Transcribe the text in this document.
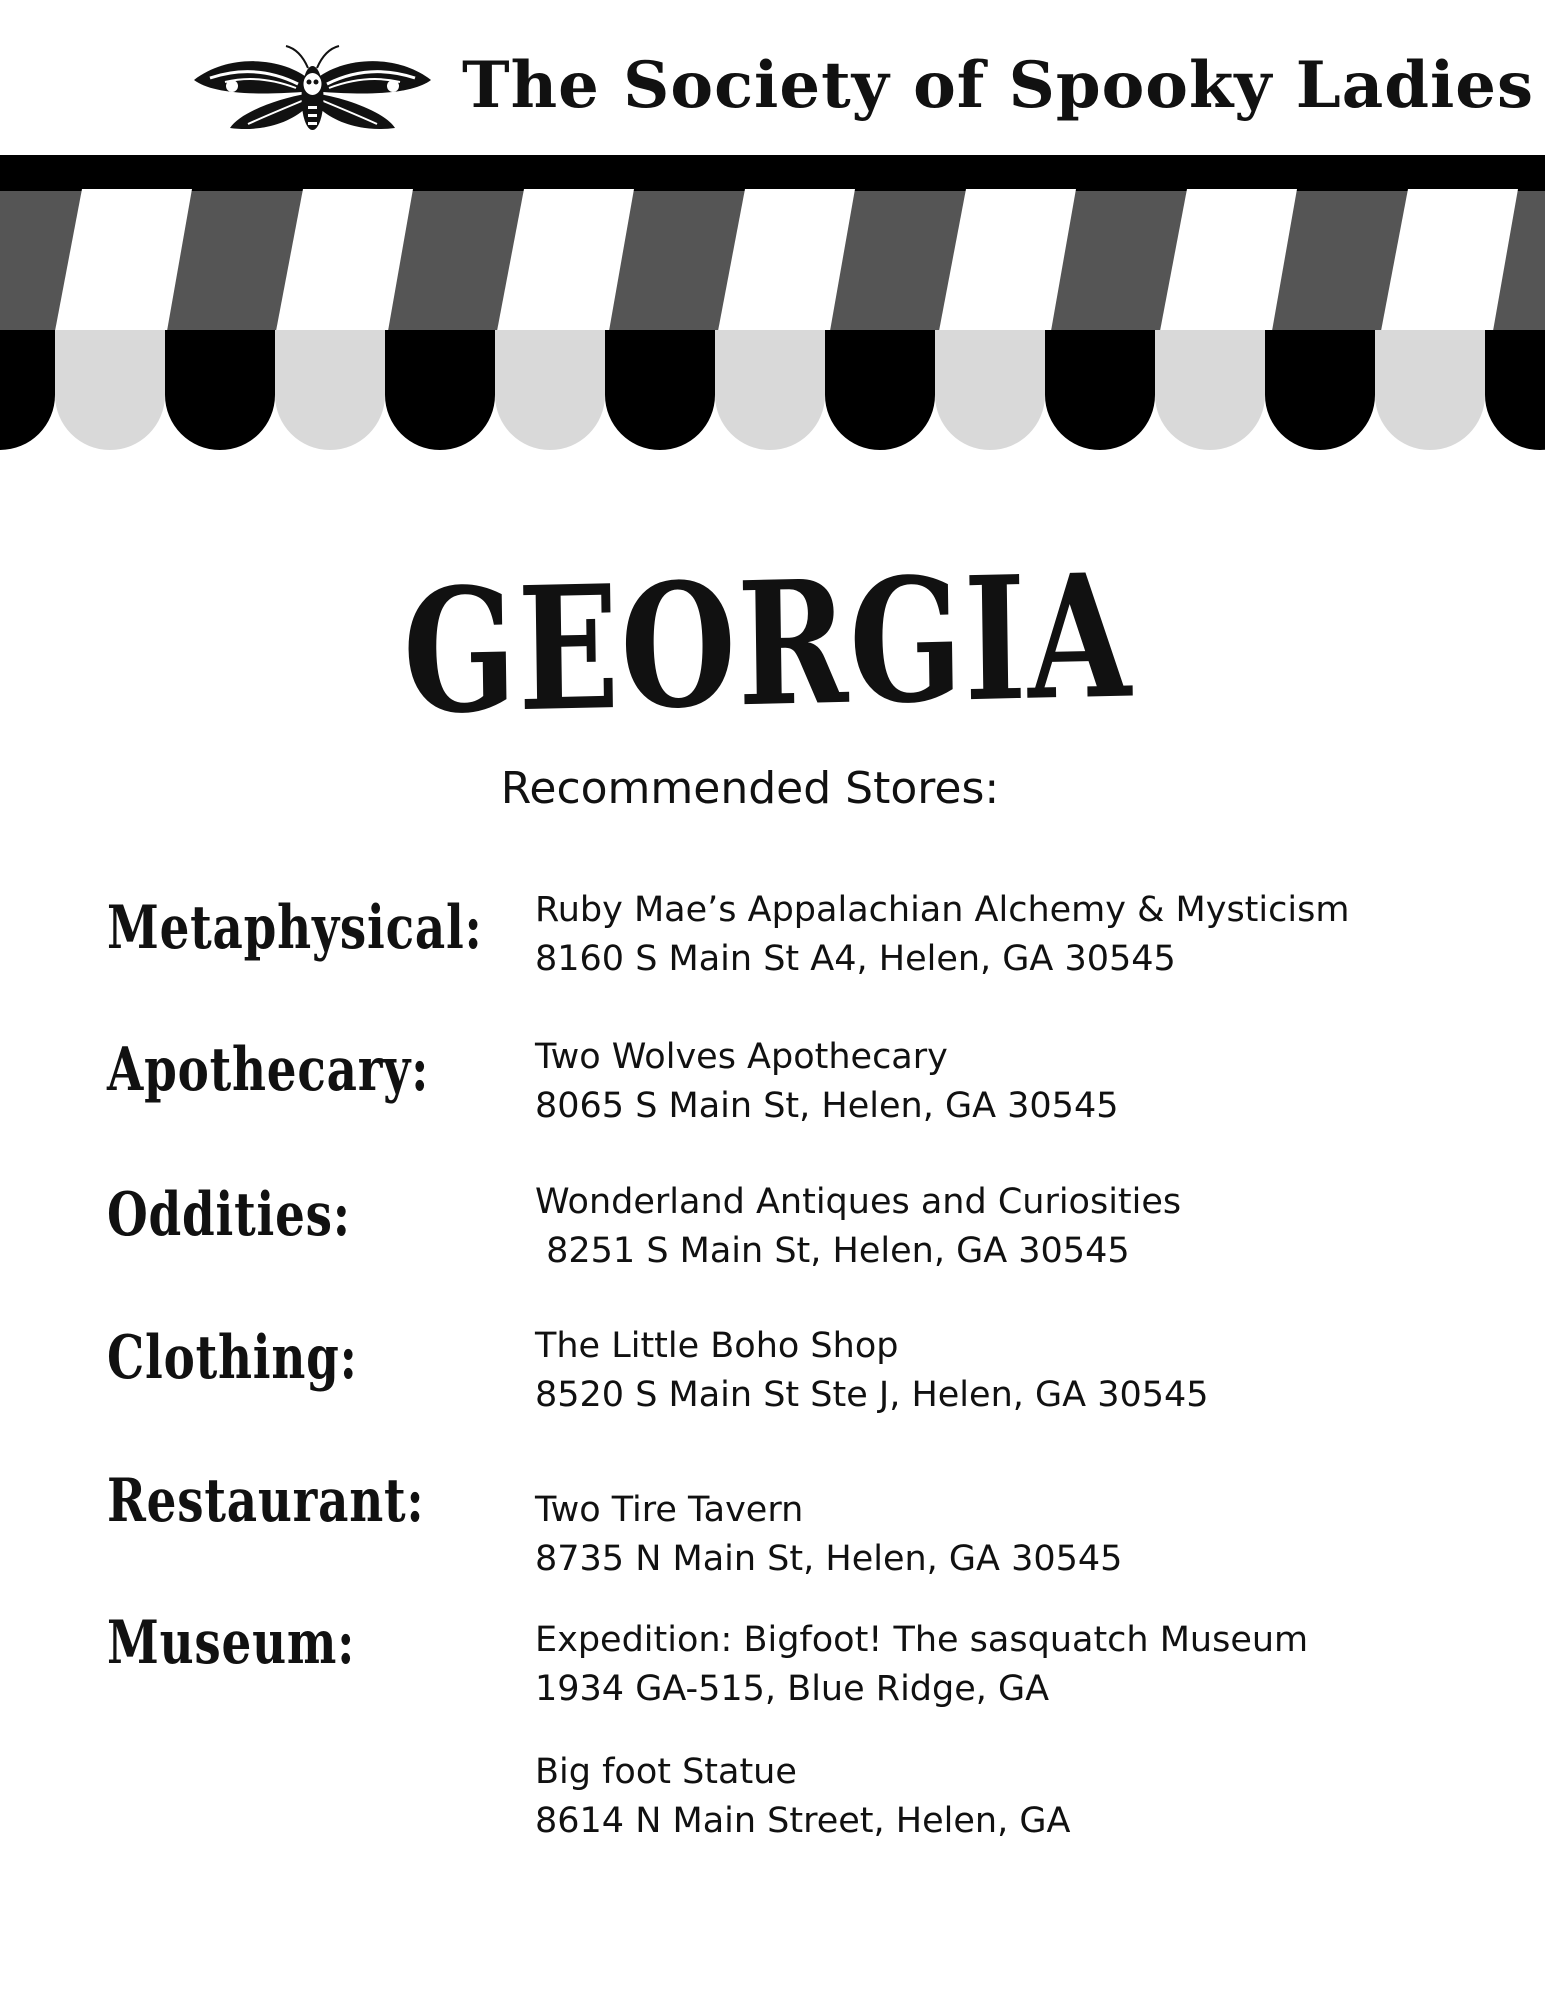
The Society of Spooky Ladies
GEORGIA

Recommended Stores:

Metaphysical: Ruby Mae’s Appalachian Alchemy & Mysticism

8160 S Main St A4, Helen, GA 30545

Apothecary:	Two Wolves Apothecary

8065 S Main St, Helen, GA 30545

Oddities:	Wonderland Antiques and Curiosities

8251 S Main St, Helen, GA 30545

Clothing:	The Little Boho Shop

8520 S Main St Ste J, Helen, GA 30545

Restaurant:	Two Tire Tavern

8735 N Main St, Helen, GA 30545

Museum:	Expedition: Bigfoot! The sasquatch Museum

1934 GA-515, Blue Ridge, GA

Big foot Statue

8614 N Main Street, Helen, GA
